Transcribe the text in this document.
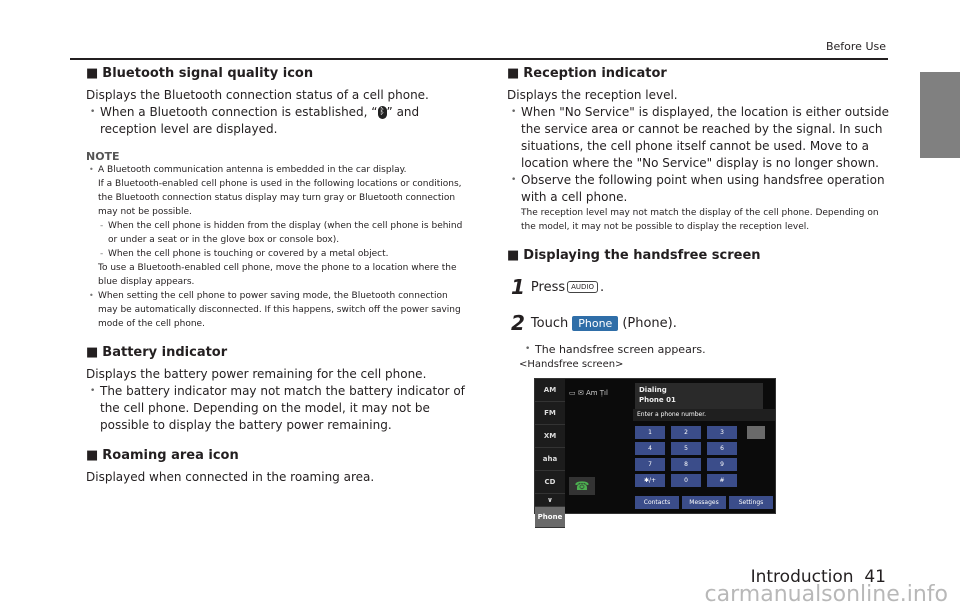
Before Use
■ Bluetooth signal quality icon

Displays the Bluetooth connection status of a cell phone.

• When a Bluetooth connection is established, “ ᛒ ” and reception level are displayed.
NOTE
• A Bluetooth communication antenna is embedded in the car display.
If a Bluetooth-enabled cell phone is used in the following locations or conditions, the Bluetooth connection status display may turn gray or Bluetooth connection may not be possible.
- When the cell phone is hidden from the display (when the cell phone is behind or under a seat or in the glove box or console box).
- When the cell phone is touching or covered by a metal object.
To use a Bluetooth-enabled cell phone, move the phone to a location where the blue display appears.
• When setting the cell phone to power saving mode, the Bluetooth connection may be automatically disconnected. If this happens, switch off the power saving mode of the cell phone.
■ Battery indicator

Displays the battery power remaining for the cell phone.

• The battery indicator may not match the battery indicator of the cell phone. Depending on the model, it may not be possible to display the battery power remaining.
■ Roaming area icon

Displayed when connected in the roaming area.

■ Reception indicator

Displays the reception level.

• When "No Service" is displayed, the location is either outside the service area or cannot be reached by the signal. In such situations, the cell phone itself cannot be used. Move to a location where the "No Service" display is no longer shown.
• Observe the following point when using handsfree operation with a cell phone.
- The reception level may not match the display of the cell phone. Depending on the model, it may not be possible to display the reception level.
■ Displaying the handsfree screen
1 Press AUDIO .
2 Touch Phone (Phone).
• The handsfree screen appears.
<Handsfree screen>
AM
FM
XM
aha
CD
∨
Phone
▭ ✉ Am Ṭıl	Dialing
Phone 01
Enter a phone number.
1	2	3
4	5	6
7	8	9
✱/+	0	#
☎
Contacts	Messages	Settings
Introduction 41
carmanualsonline.info
